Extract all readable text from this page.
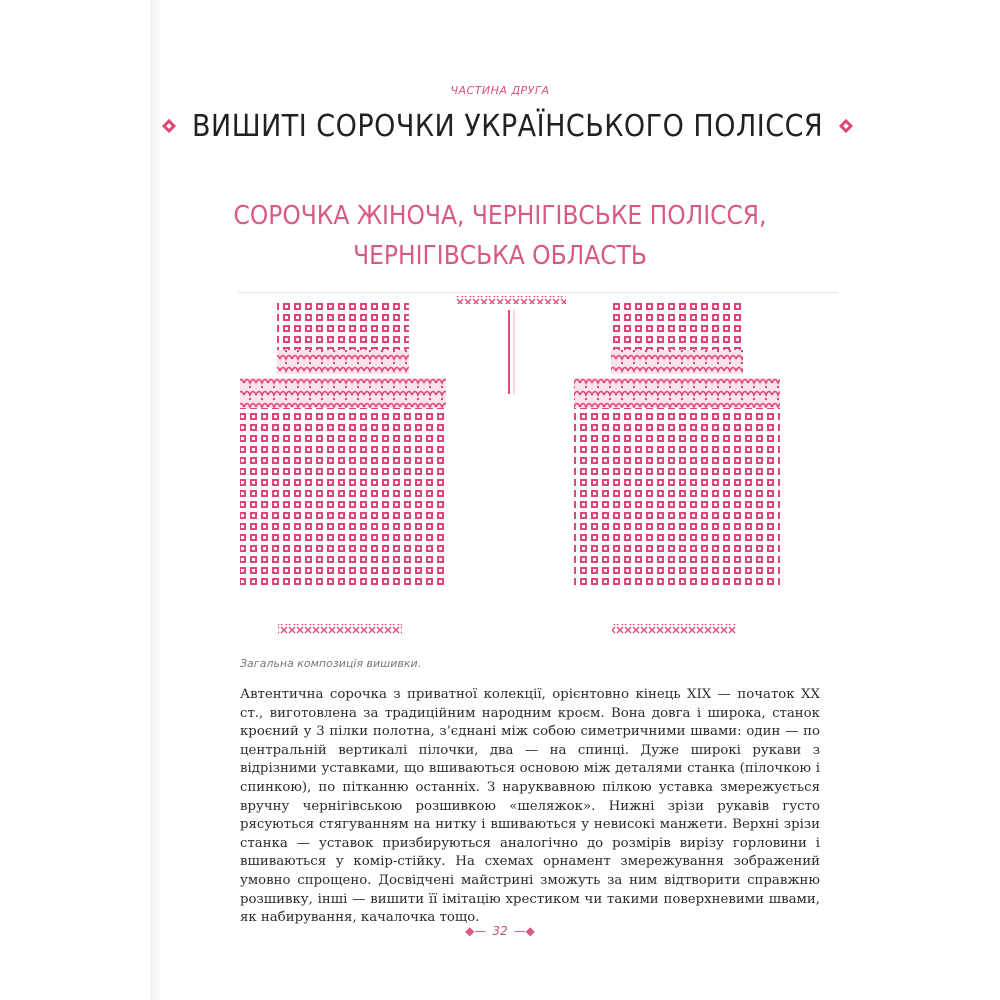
ЧАСТИНА ДРУГА
ВИШИТІ СОРОЧКИ УКРАЇНСЬКОГО ПОЛІССЯ
СОРОЧКА ЖІНОЧА, ЧЕРНІГІВСЬКЕ ПОЛІССЯ,
ЧЕРНІГІВСЬКА ОБЛАСТЬ
Загальна композиція вишивки.
Автентична сорочка з приватної колекції, орієнтовно кінець XIX — початок XX ст., виготовлена за традиційним народним кроєм. Вона довга і широка, станок кроєний у 3 пілки полотна, з’єднані між собою симетричними швами: один — по центральній вертикалі пілочки, два — на спинці. Дуже широкі рукави з відрізними уставками, що вшиваються основою між деталями станка (пілочкою і спинкою), по пітканню останніх. З наруквавною пілкою уставка змережується вручну чернігівською розшивкою «шеляжок». Нижні зрізи рукавів густо рясуються стягуванням на нитку і вшиваються у невисокі манжети. Верхні зрізи станка — уставок призбируються аналогічно до розмірів вирізу горловини і вшиваються у комір-стійку. На схемах орнамент змережування зображений умовно спрощено. Досвідчені майстрині зможуть за ним відтворити справжню розшивку, інші — вишити її імітацію хрестиком чи такими поверхневими швами, як набирування, качалочка тощо.
◆— 32 —◆
